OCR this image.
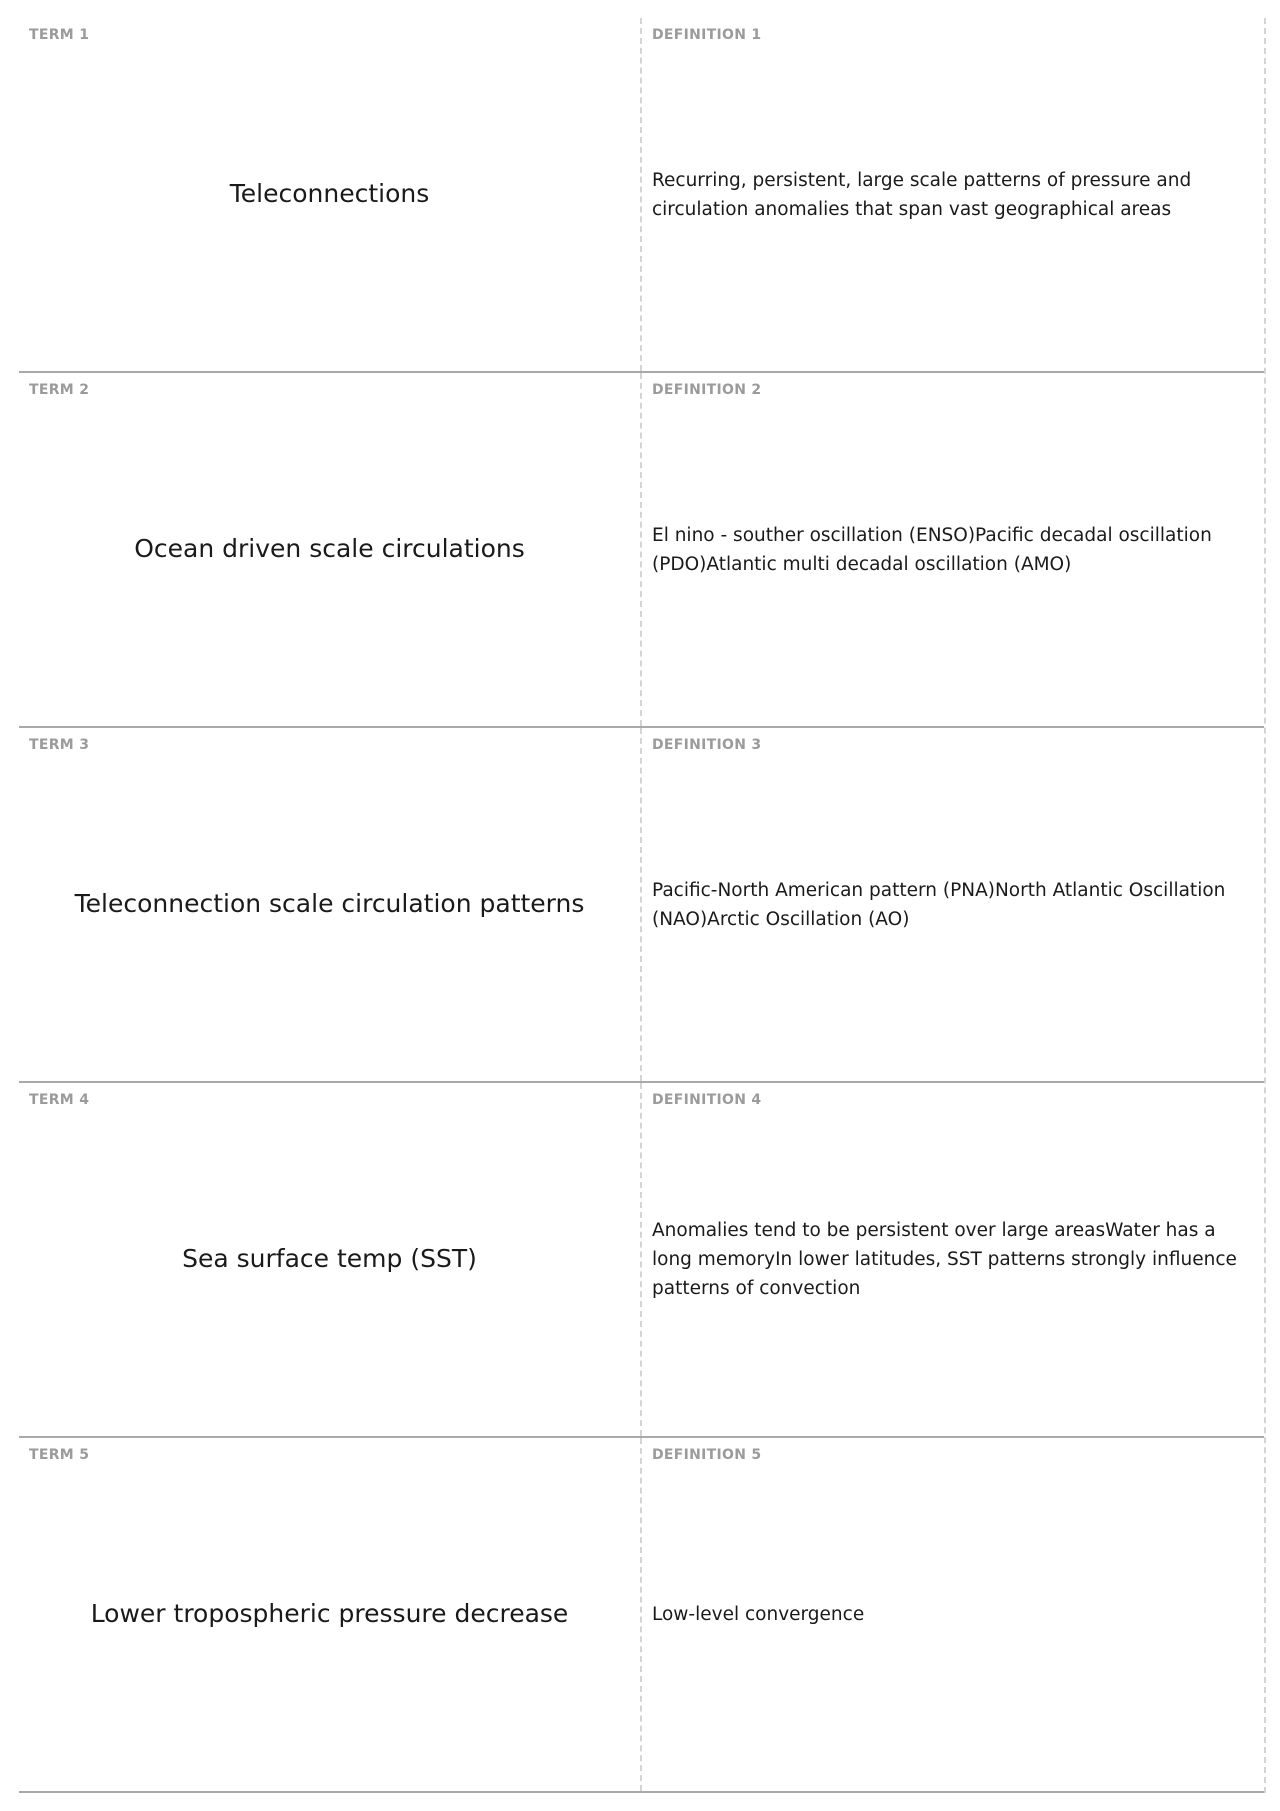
TERM 1
Teleconnections
DEFINITION 1
Recurring, persistent, large scale patterns of pressure and circulation anomalies that span vast geographical areas
TERM 2
Ocean driven scale circulations
DEFINITION 2
El nino - souther oscillation (ENSO)Pacific decadal oscillation (PDO)Atlantic multi decadal oscillation (AMO)
TERM 3
Teleconnection scale circulation patterns
DEFINITION 3
Pacific-North American pattern (PNA)North Atlantic Oscillation (NAO)Arctic Oscillation (AO)
TERM 4
Sea surface temp (SST)
DEFINITION 4
Anomalies tend to be persistent over large areasWater has a long memoryIn lower latitudes, SST patterns strongly influence patterns of convection
TERM 5
Lower tropospheric pressure decrease
DEFINITION 5
Low-level convergence
